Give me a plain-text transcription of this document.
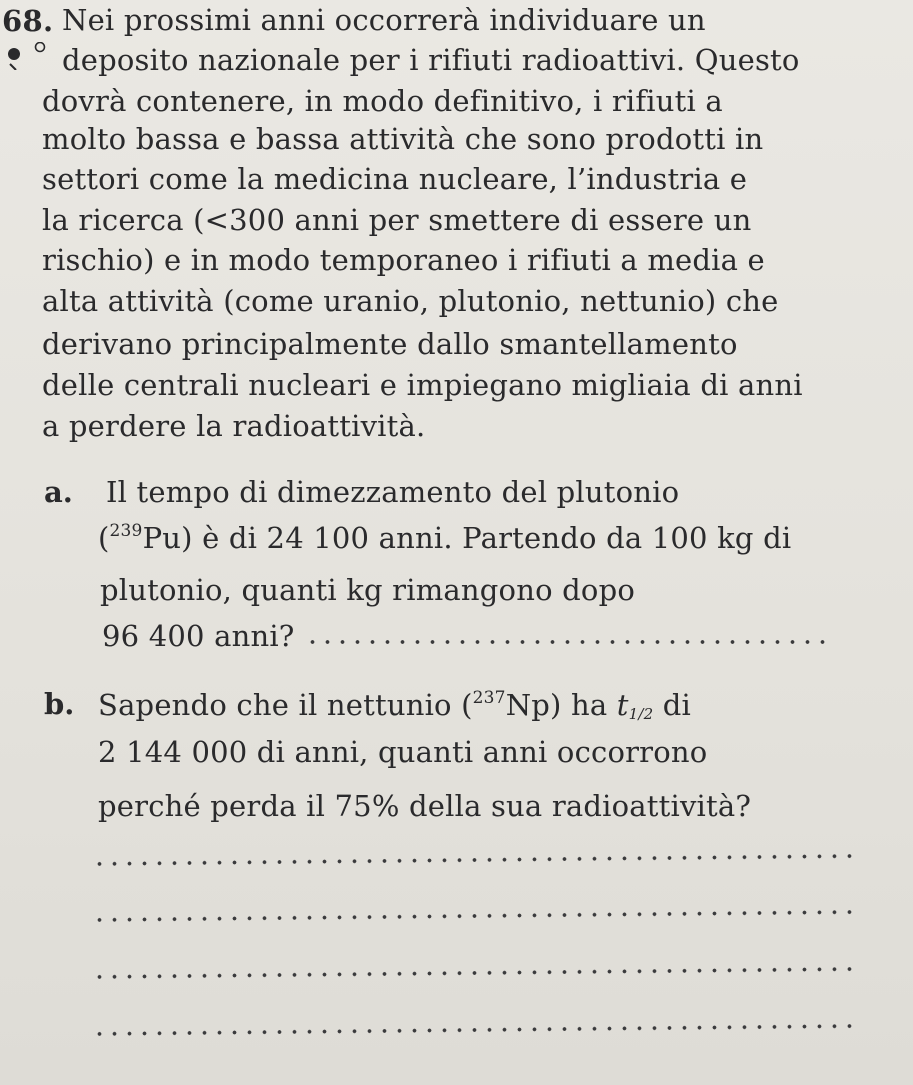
68. Nei prossimi anni occorrerà individuare un
deposito nazionale per i rifiuti radioattivi. Questo
dovrà contenere, in modo definitivo, i rifiuti a
molto bassa e bassa attività che sono prodotti in
settori come la medicina nucleare, l’industria e
la ricerca (<300 anni per smettere di essere un
rischio) e in modo temporaneo i rifiuti a media e
alta attività (come uranio, plutonio, nettunio) che
derivano principalmente dallo smantellamento
delle centrali nucleari e impiegano migliaia di anni
a perdere la radioattività.
a. Il tempo di dimezzamento del plutonio
($^{239}$Pu) è di 24 100 anni. Partendo da 100 kg di
plutonio, quanti kg rimangono dopo
96 400 anni?
b. Sapendo che il nettunio ($^{237}$Np) ha $t_{1/2}$ di
2 144 000 di anni, quanti anni occorrono
perché perda il 75% della sua radioattività?
